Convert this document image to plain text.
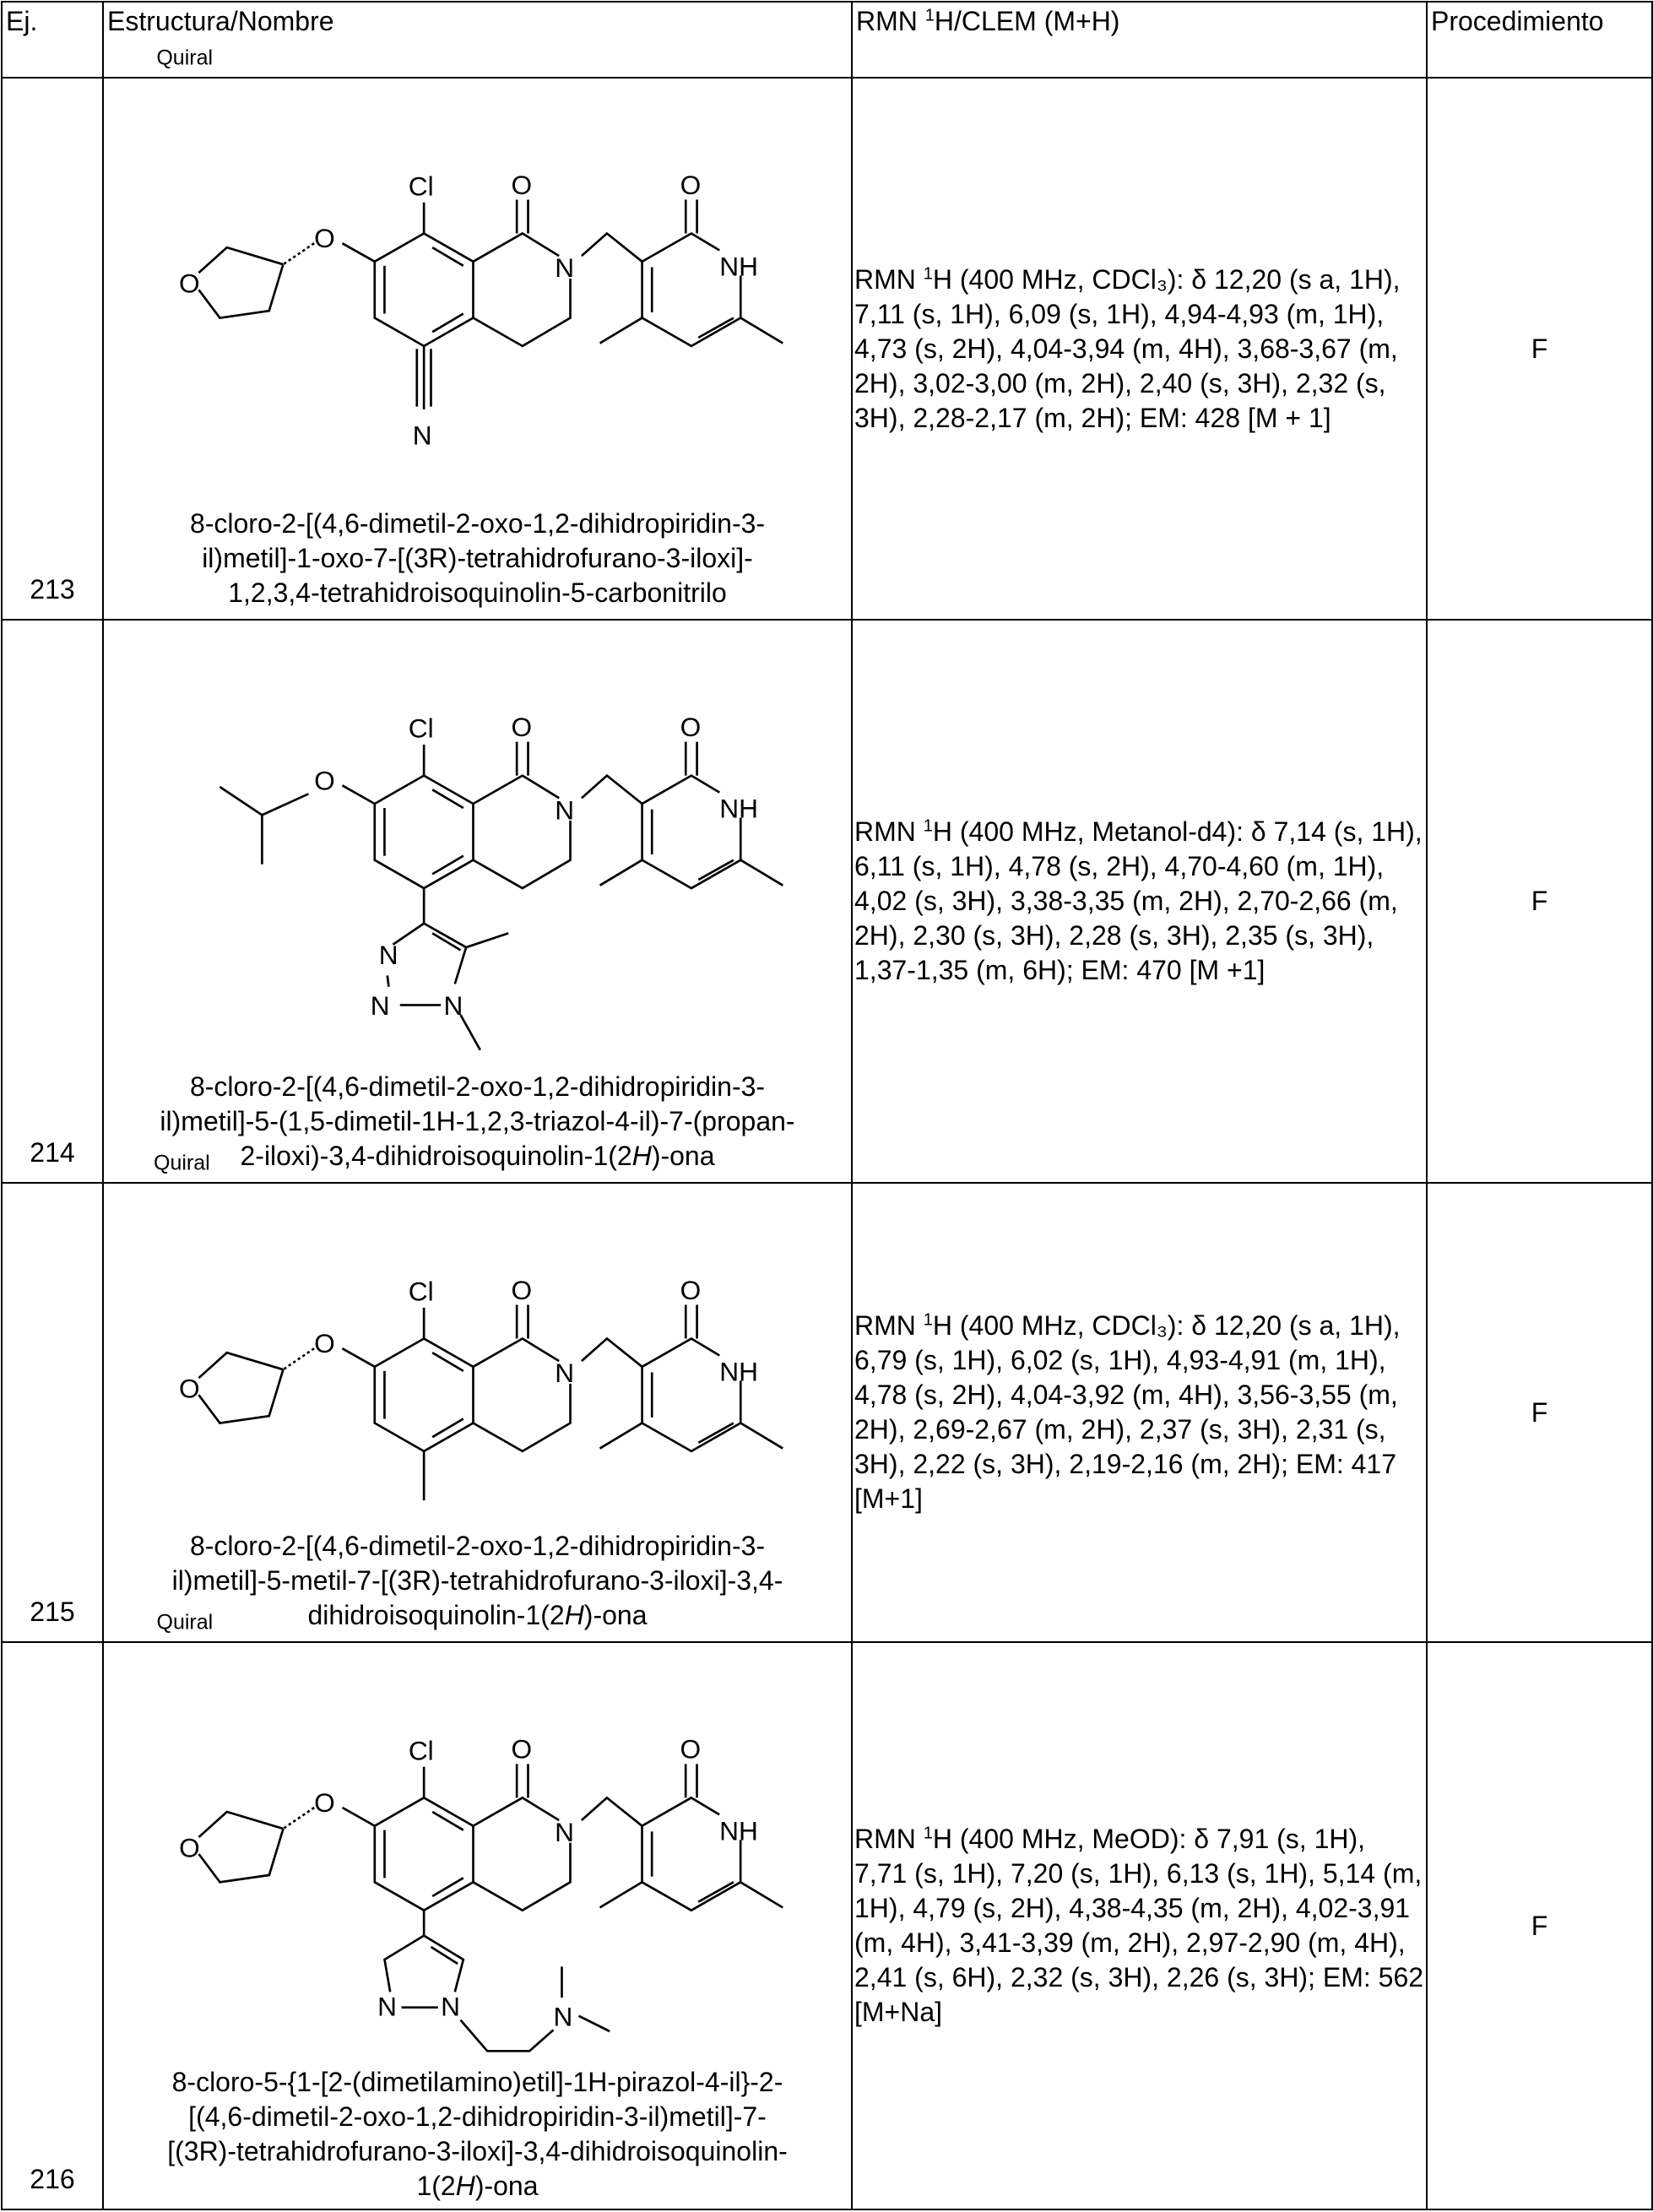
Ej.	Estructura/Nombre	RMN 1H/CLEM (M+H)	Procedimiento
213	
Cl	O
N
O
NH
O
O
N
Quiral
8-cloro-2-[(4,6-dimetil-2-oxo-1,2-dihidropiridin-3-
il)metil]-1-oxo-7-[(3R)-tetrahidrofurano-3-iloxi]-
1,2,3,4-tetrahidroisoquinolin-5-carbonitrilo
	RMN 1H (400 MHz, CDCl₃): δ 12,20 (s a, 1H), 7,11 (s, 1H), 6,09 (s, 1H), 4,94-4,93 (m, 1H), 4,73 (s, 2H), 4,04-3,94 (m, 4H), 3,68-3,67 (m, 2H), 3,02-3,00 (m, 2H), 2,40 (s, 3H), 2,32 (s, 3H), 2,28-2,17 (m, 2H); EM: 428 [M + 1]	F
214	
Cl	O
N
O
NH
O
N
N	N
8-cloro-2-[(4,6-dimetil-2-oxo-1,2-dihidropiridin-3-
il)metil]-5-(1,5-dimetil-1H-1,2,3-triazol-4-il)-7-(propan-
2-iloxi)-3,4-dihidroisoquinolin-1(2H)-ona
	RMN 1H (400 MHz, Metanol-d4): δ 7,14 (s, 1H), 6,11 (s, 1H), 4,78 (s, 2H), 4,70-4,60 (m, 1H), 4,02 (s, 3H), 3,38-3,35 (m, 2H), 2,70-2,66 (m, 2H), 2,30 (s, 3H), 2,28 (s, 3H), 2,35 (s, 3H), 1,37-1,35 (m, 6H); EM: 470 [M +1]	F
215	
Cl	O
N
O
NH
O
O
Quiral
8-cloro-2-[(4,6-dimetil-2-oxo-1,2-dihidropiridin-3-
il)metil]-5-metil-7-[(3R)-tetrahidrofurano-3-iloxi]-3,4-
dihidroisoquinolin-1(2H)-ona
	RMN 1H (400 MHz, CDCl₃): δ 12,20 (s a, 1H), 6,79 (s, 1H), 6,02 (s, 1H), 4,93-4,91 (m, 1H), 4,78 (s, 2H), 4,04-3,92 (m, 4H), 3,56-3,55 (m, 2H), 2,69-2,67 (m, 2H), 2,37 (s, 3H), 2,31 (s, 3H), 2,22 (s, 3H), 2,19-2,16 (m, 2H); EM: 417 [M+1]	F
216	
Cl	O
N
O
NH
O
O
Quiral
N	N	N
8-cloro-5-{1-[2-(dimetilamino)etil]-1H-pirazol-4-il}-2-
[(4,6-dimetil-2-oxo-1,2-dihidropiridin-3-il)metil]-7-
[(3R)-tetrahidrofurano-3-iloxi]-3,4-dihidroisoquinolin-
1(2H)-ona
	RMN 1H (400 MHz, MeOD): δ 7,91 (s, 1H), 7,71 (s, 1H), 7,20 (s, 1H), 6,13 (s, 1H), 5,14 (m, 1H), 4,79 (s, 2H), 4,38-4,35 (m, 2H), 4,02-3,91 (m, 4H), 3,41-3,39 (m, 2H), 2,97-2,90 (m, 4H), 2,41 (s, 6H), 2,32 (s, 3H), 2,26 (s, 3H); EM: 562 [M+Na]	F
